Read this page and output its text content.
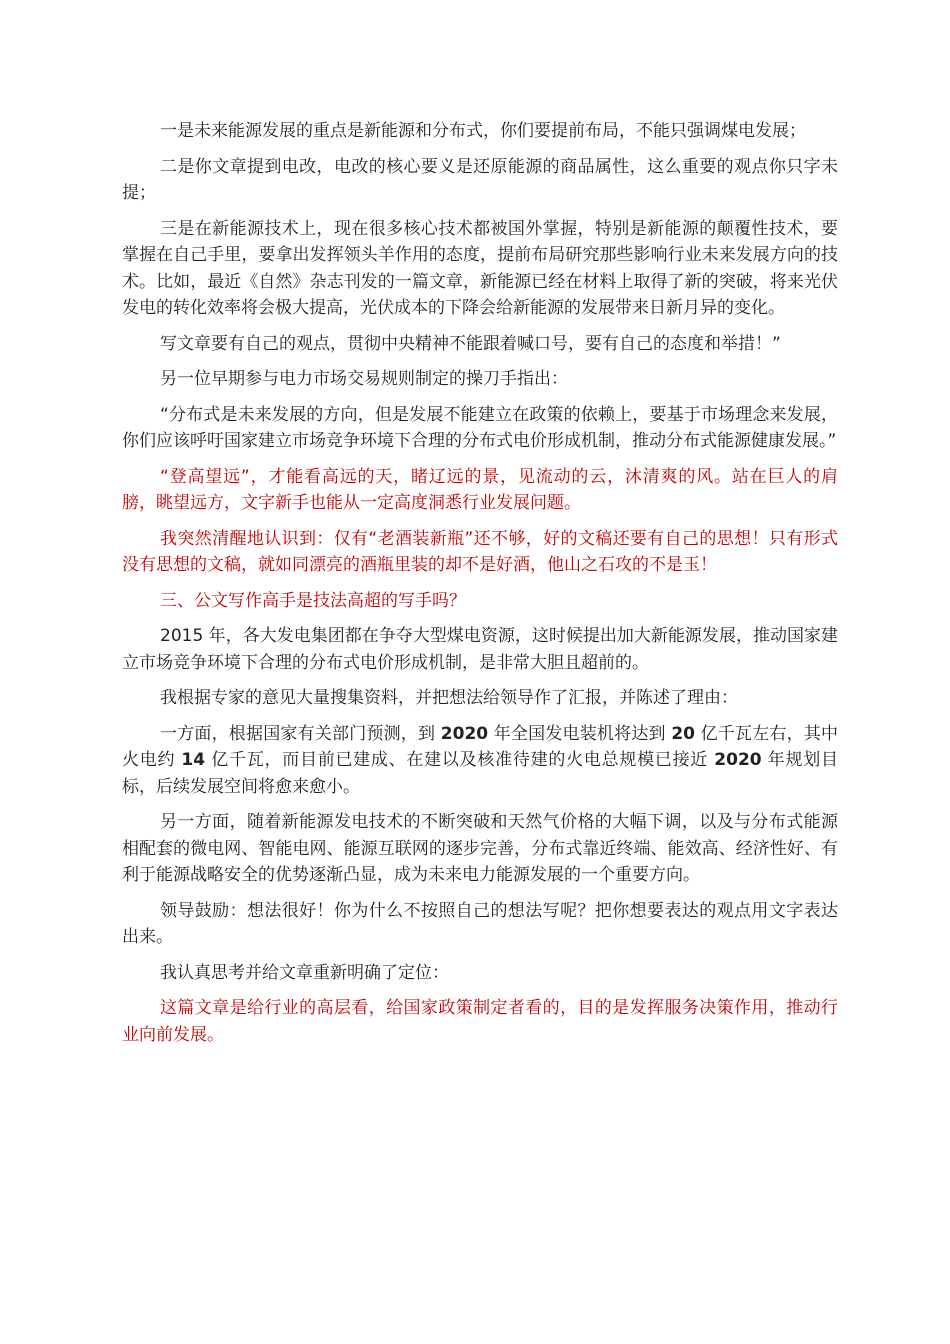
一是未来能源发展的重点是新能源和分布式，你们要提前布局，不能只强调煤电发展；

二是你文章提到电改，电改的核心要义是还原能源的商品属性，这么重要的观点你只字未提；

三是在新能源技术上，现在很多核心技术都被国外掌握，特别是新能源的颠覆性技术，要掌握在自己手里，要拿出发挥领头羊作用的态度，提前布局研究那些影响行业未来发展方向的技术。比如，最近《自然》杂志刊发的一篇文章，新能源已经在材料上取得了新的突破，将来光伏发电的转化效率将会极大提高，光伏成本的下降会给新能源的发展带来日新月异的变化。

写文章要有自己的观点，贯彻中央精神不能跟着喊口号，要有自己的态度和举措！”

另一位早期参与电力市场交易规则制定的操刀手指出：

“分布式是未来发展的方向，但是发展不能建立在政策的依赖上，要基于市场理念来发展，你们应该呼吁国家建立市场竞争环境下合理的分布式电价形成机制，推动分布式能源健康发展。”

“登高望远”，才能看高远的天，睹辽远的景，见流动的云，沐清爽的风。站在巨人的肩膀，眺望远方，文字新手也能从一定高度洞悉行业发展问题。

我突然清醒地认识到：仅有“老酒装新瓶”还不够，好的文稿还要有自己的思想！只有形式没有思想的文稿，就如同漂亮的酒瓶里装的却不是好酒，他山之石攻的不是玉！

三、公文写作高手是技法高超的写手吗？

2015 年，各大发电集团都在争夺大型煤电资源，这时候提出加大新能源发展，推动国家建立市场竞争环境下合理的分布式电价形成机制，是非常大胆且超前的。

我根据专家的意见大量搜集资料，并把想法给领导作了汇报，并陈述了理由：

一方面，根据国家有关部门预测，到 2020 年全国发电装机将达到 20 亿千瓦左右，其中火电约 14 亿千瓦，而目前已建成、在建以及核准待建的火电总规模已接近 2020 年规划目标，后续发展空间将愈来愈小。

另一方面，随着新能源发电技术的不断突破和天然气价格的大幅下调，以及与分布式能源相配套的微电网、智能电网、能源互联网的逐步完善，分布式靠近终端、能效高、经济性好、有利于能源战略安全的优势逐渐凸显，成为未来电力能源发展的一个重要方向。

领导鼓励：想法很好！你为什么不按照自己的想法写呢？把你想要表达的观点用文字表达出来。

我认真思考并给文章重新明确了定位：

这篇文章是给行业的高层看，给国家政策制定者看的，目的是发挥服务决策作用，推动行业向前发展。
